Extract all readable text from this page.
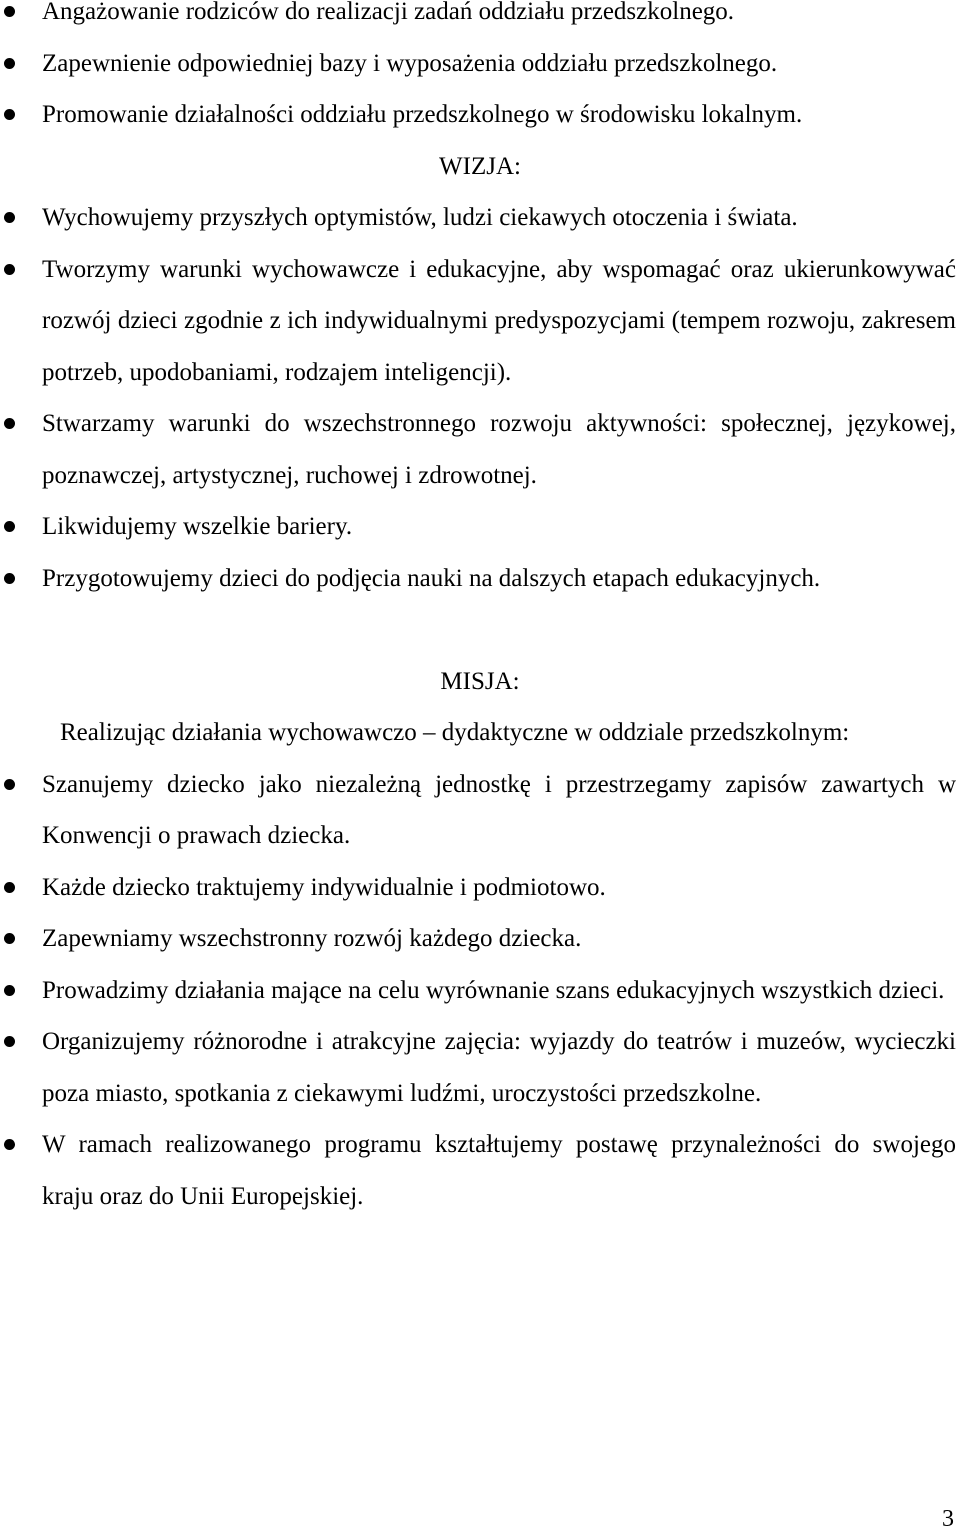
Angażowanie rodziców do realizacji zadań oddziału przedszkolnego.
Zapewnienie odpowiedniej bazy i wyposażenia oddziału przedszkolnego.
Promowanie działalności oddziału przedszkolnego w środowisku lokalnym.
WIZJA:
Wychowujemy przyszłych optymistów, ludzi ciekawych otoczenia i świata.
Tworzymy warunki wychowawcze i edukacyjne, aby wspomagać oraz ukierunkowywać rozwój dzieci zgodnie z ich indywidualnymi predyspozycjami (tempem rozwoju, zakresem potrzeb, upodobaniami, rodzajem inteligencji).
Stwarzamy warunki do wszechstronnego rozwoju aktywności: społecznej, językowej, poznawczej, artystycznej, ruchowej i zdrowotnej.
Likwidujemy wszelkie bariery.
Przygotowujemy dzieci do podjęcia nauki na dalszych etapach edukacyjnych.
MISJA:

Realizując działania wychowawczo – dydaktyczne w oddziale przedszkolnym:

Szanujemy dziecko jako niezależną jednostkę i przestrzegamy zapisów zawartych w Konwencji o prawach dziecka.
Każde dziecko traktujemy indywidualnie i podmiotowo.
Zapewniamy wszechstronny rozwój każdego dziecka.
Prowadzimy działania mające na celu wyrównanie szans edukacyjnych wszystkich dzieci.
Organizujemy różnorodne i atrakcyjne zajęcia: wyjazdy do teatrów i muzeów, wycieczki poza miasto, spotkania z ciekawymi ludźmi, uroczystości przedszkolne.
W ramach realizowanego programu kształtujemy postawę przynależności do swojego kraju oraz do Unii Europejskiej.
3
